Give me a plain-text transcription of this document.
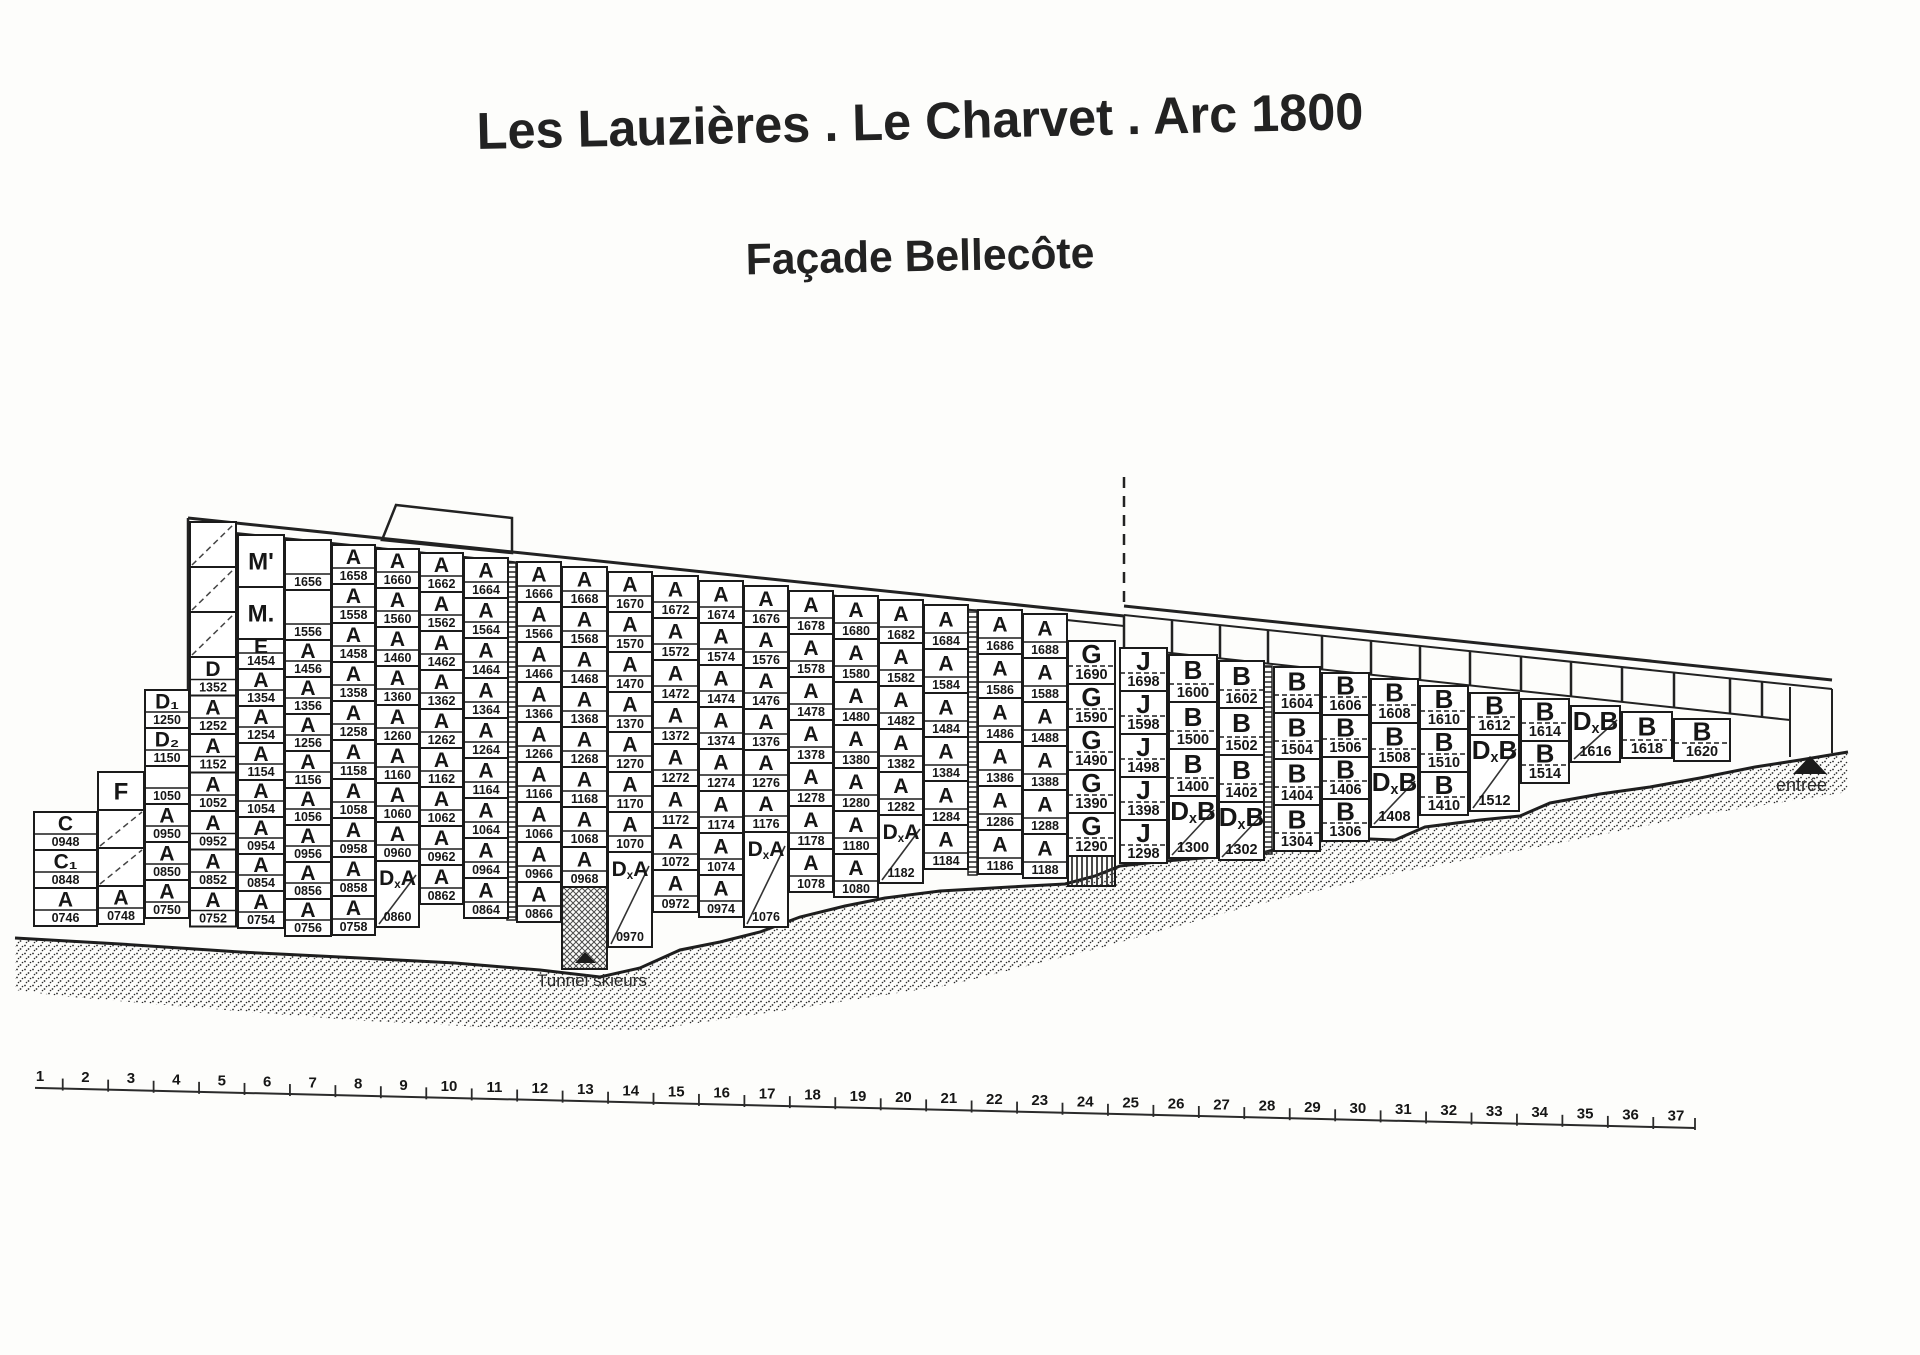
Les Lauzières . Le Charvet . Arc 1800
Façade Bellecôte
C
0948
C₁
0848
A
0746
F
A
0748
D₁
1250
D₂
1150
1050
A
0950
A
0850
A
0750
D
1352
A
1252
A
1152
A
1052
A
0952
A
0852
A
0752
M'
M.
E
1454
A
1354
A
1254
A
1154
A
1054
A
0954
A
0854
A
0754
1656
1556
A
1456
A
1356
A
1256
A
1156
A
1056
A
0956
A
0856
A
0756
A
1658
A
1558
A
1458
A
1358
A
1258
A
1158
A
1058
A
0958
A
0858
A
0758
A
1660
A
1560
A
1460
A
1360
A
1260
A
1160
A
1060
A
0960
DxA
0860
A
1662
A
1562
A
1462
A
1362
A
1262
A
1162
A
1062
A
0962
A
0862
A
1664
A
1564
A
1464
A
1364
A
1264
A
1164
A
1064
A
0964
A
0864
A
1666
A
1566
A
1466
A
1366
A
1266
A
1166
A
1066
A
0966
A
0866
A
1668
A
1568
A
1468
A
1368
A
1268
A
1168
A
1068
A
0968
A
1670
A
1570
A
1470
A
1370
A
1270
A
1170
A
1070
DxA
0970
A
1672
A
1572
A
1472
A
1372
A
1272
A
1172
A
1072
A
0972
A
1674
A
1574
A
1474
A
1374
A
1274
A
1174
A
1074
A
0974
A
1676
A
1576
A
1476
A
1376
A
1276
A
1176
DxA
1076
A
1678
A
1578
A
1478
A
1378
A
1278
A
1178
A
1078
A
1680
A
1580
A
1480
A
1380
A
1280
A
1180
A
1080
A
1682
A
1582
A
1482
A
1382
A
1282
DxA
1182
A
1684
A
1584
A
1484
A
1384
A
1284
A
1184
A
1686
A
1586
A
1486
A
1386
A
1286
A
1186
A
1688
A
1588
A
1488
A
1388
A
1288
A
1188
G
1690
G
1590
G
1490
G
1390
G
1290
J
1698
J
1598
J
1498
J
1398
J
1298
B
1600
B
1500
B
1400
DxB
1300
B
1602
B
1502
B
1402
DxB
1302
B
1604
B
1504
B
1404
B
1304
B
1606
B
1506
B
1406
B
1306
B
1608
B
1508
DxB
1408
B
1610
B
1510
B
1410
B
1612
DxB
1512
B
1614
B
1514
DxB
1616
B
1618
B
1620
1 2 3 4 5 6 7 8 9 10 11 12 13 14 15 16 17 18 19 20 21 22 23 24 25 26 27 28 29 30 31 32 33 34 35 36 37
Tunnel skieurs
entrée
